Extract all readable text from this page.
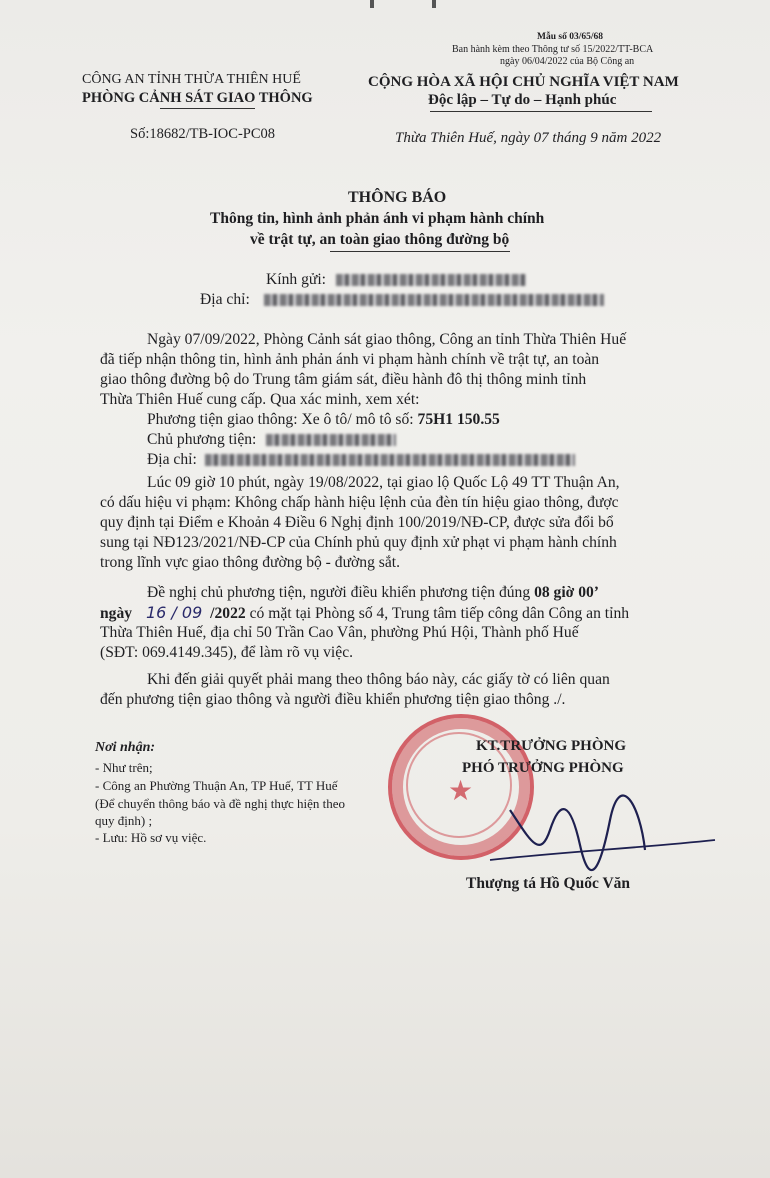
Mẫu số 03/65/68
Ban hành kèm theo Thông tư số 15/2022/TT-BCA
ngày 06/04/2022 của Bộ Công an
CÔNG AN TỈNH THỪA THIÊN HUẾ
PHÒNG CẢNH SÁT GIAO THÔNG
Số:18682/TB-IOC-PC08
CỘNG HÒA XÃ HỘI CHỦ NGHĨA VIỆT NAM
Độc lập – Tự do – Hạnh phúc
Thừa Thiên Huế, ngày 07 tháng 9 năm 2022
THÔNG BÁO
Thông tin, hình ảnh phản ánh vi phạm hành chính
về trật tự, an toàn giao thông đường bộ
Kính gửi:
Địa chỉ:
Ngày 07/09/2022, Phòng Cảnh sát giao thông, Công an tỉnh Thừa Thiên Huế
đã tiếp nhận thông tin, hình ảnh phản ánh vi phạm hành chính về trật tự, an toàn
giao thông đường bộ do Trung tâm giám sát, điều hành đô thị thông minh tỉnh
Thừa Thiên Huế cung cấp. Qua xác minh, xem xét:
Phương tiện giao thông: Xe ô tô/ mô tô số: 75H1 150.55
Chủ phương tiện:
Địa chỉ:
Lúc 09 giờ 10 phút, ngày 19/08/2022, tại giao lộ Quốc Lộ 49 TT Thuận An,
có dấu hiệu vi phạm: Không chấp hành hiệu lệnh của đèn tín hiệu giao thông, được
quy định tại Điểm e Khoản 4 Điều 6 Nghị định 100/2019/NĐ-CP, được sửa đổi bổ
sung tại NĐ123/2021/NĐ-CP của Chính phủ quy định xử phạt vi phạm hành chính
trong lĩnh vực giao thông đường bộ - đường sắt.
Đề nghị chủ phương tiện, người điều khiển phương tiện đúng 08 giờ 00’
ngày 16 / 09 /2022 có mặt tại Phòng số 4, Trung tâm tiếp công dân Công an tỉnh
Thừa Thiên Huế, địa chỉ 50 Trần Cao Vân, phường Phú Hội, Thành phố Huế
(SĐT: 069.4149.345), để làm rõ vụ việc.
Khi đến giải quyết phải mang theo thông báo này, các giấy tờ có liên quan
đến phương tiện giao thông và người điều khiển phương tiện giao thông ./.
Nơi nhận:
- Như trên;
- Công an Phường Thuận An, TP Huế, TT Huế
(Để chuyển thông báo và đề nghị thực hiện theo
quy định) ;
- Lưu: Hồ sơ vụ việc.
★
KT.TRƯỞNG PHÒNG
PHÓ TRƯỞNG PHÒNG
Thượng tá Hồ Quốc Văn
